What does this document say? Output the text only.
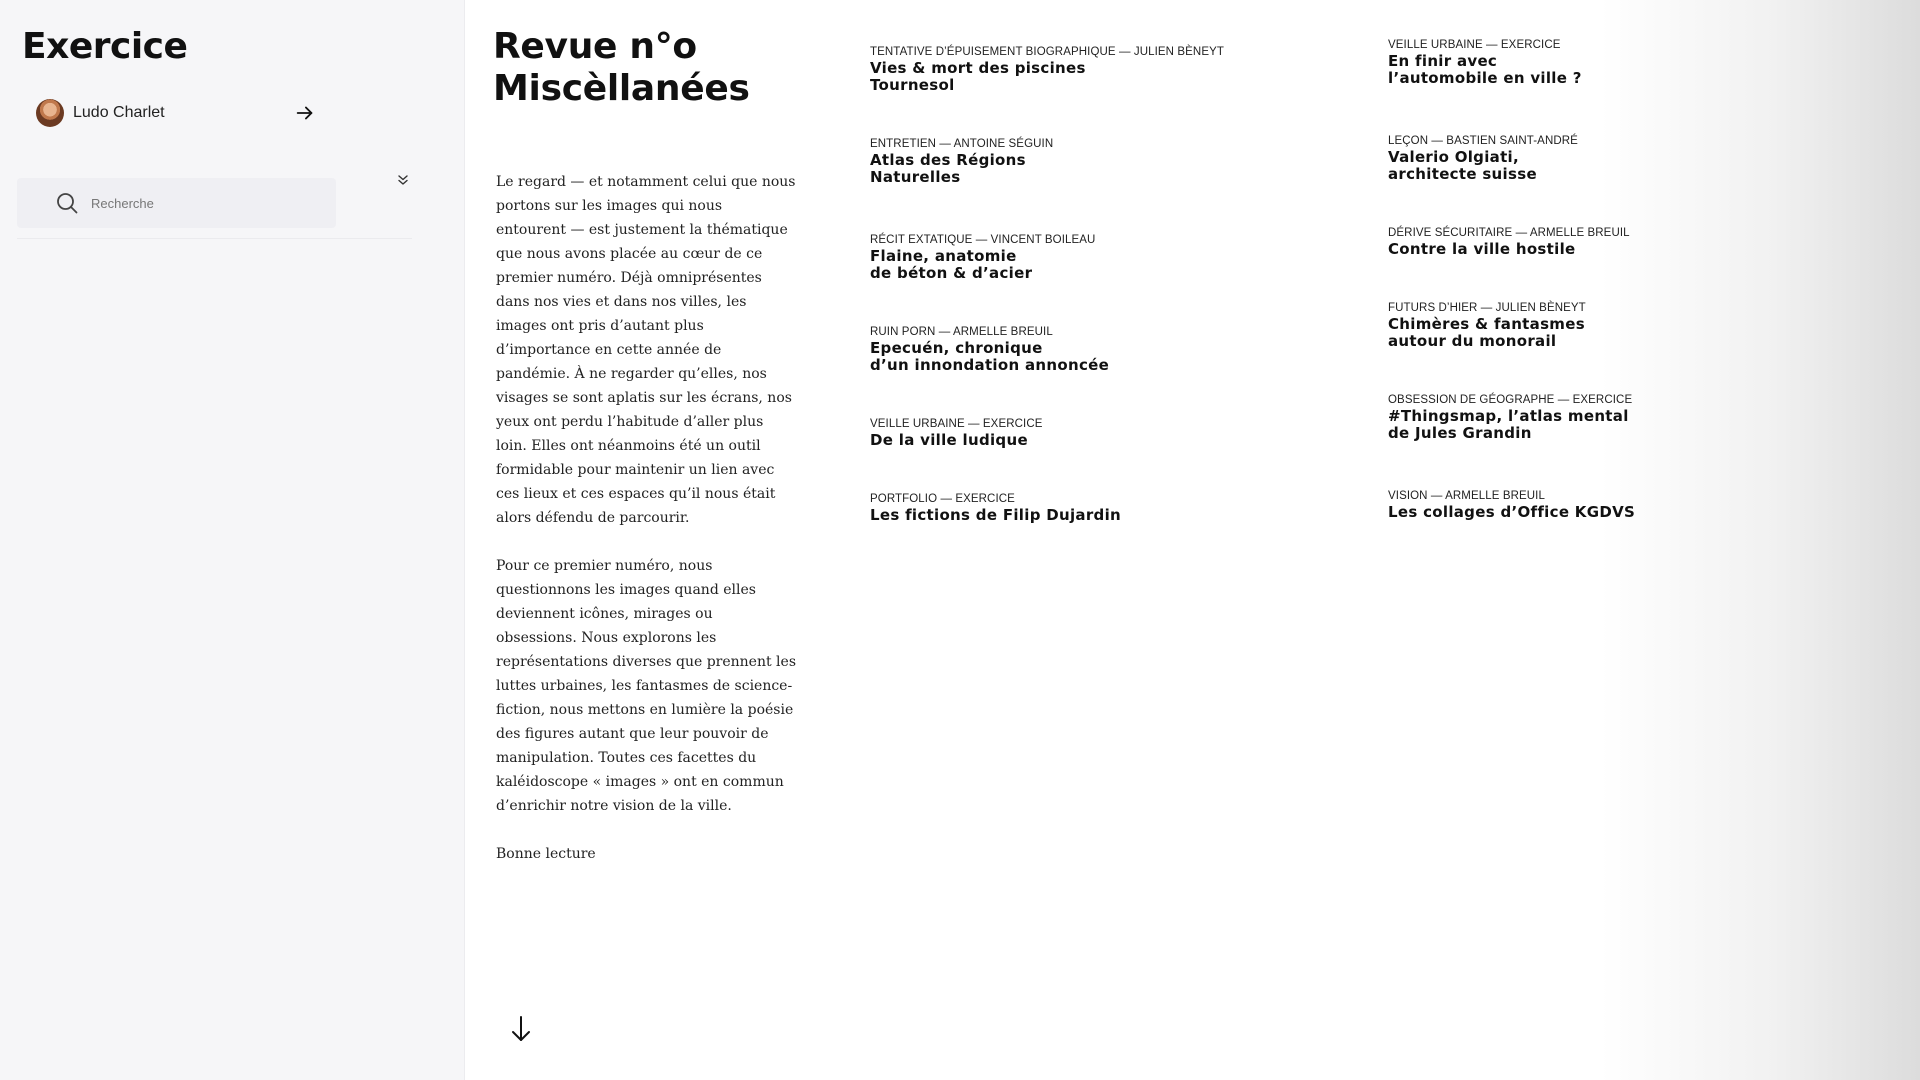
Exercice
Ludo Charlet
Recherche
Revue n°o
Miscèllanées

Le regard — et notamment celui que nous portons sur les images qui nous entourent — est justement la thématique que nous avons placée au cœur de ce premier numéro. Déjà omniprésentes dans nos vies et dans nos villes, les images ont pris d’autant plus d’importance en cette année de pandémie. À ne regarder qu’elles, nos visages se sont aplatis sur les écrans, nos yeux ont perdu l’habitude d’aller plus loin. Elles ont néanmoins été un outil formidable pour maintenir un lien avec ces lieux et ces espaces qu’il nous était alors défendu de parcourir.

Pour ce premier numéro, nous questionnons les images quand elles deviennent icônes, mirages ou obsessions. Nous explorons les représentations diverses que prennent les luttes urbaines, les fantasmes de science-fiction, nous mettons en lumière la poésie des figures autant que leur pouvoir de manipulation. Toutes ces facettes du kaléidoscope « images » ont en commun d’enrichir notre vision de la ville.

Bonne lecture

TENTATIVE D’ÉPUISEMENT BIOGRAPHIQUE — JULIEN BÈNEYT
Vies & mort des piscines
Tournesol
ENTRETIEN — ANTOINE SÉGUIN
Atlas des Régions
Naturelles
RÉCIT EXTATIQUE — VINCENT BOILEAU
Flaine, anatomie
de béton & d’acier
RUIN PORN — ARMELLE BREUIL
Epecuén, chronique
d’un innondation annoncée
VEILLE URBAINE — EXERCICE
De la ville ludique
PORTFOLIO — EXERCICE
Les fictions de Filip Dujardin
VEILLE URBAINE — EXERCICE
En finir avec
l’automobile en ville ?
LEÇON — BASTIEN SAINT-ANDRÉ
Valerio Olgiati,
architecte suisse
DÉRIVE SÉCURITAIRE — ARMELLE BREUIL
Contre la ville hostile
FUTURS D’HIER — JULIEN BÈNEYT
Chimères & fantasmes
autour du monorail
OBSESSION DE GÉOGRAPHE — EXERCICE
#Thingsmap, l’atlas mental
de Jules Grandin
VISION — ARMELLE BREUIL
Les collages d’Office KGDVS
